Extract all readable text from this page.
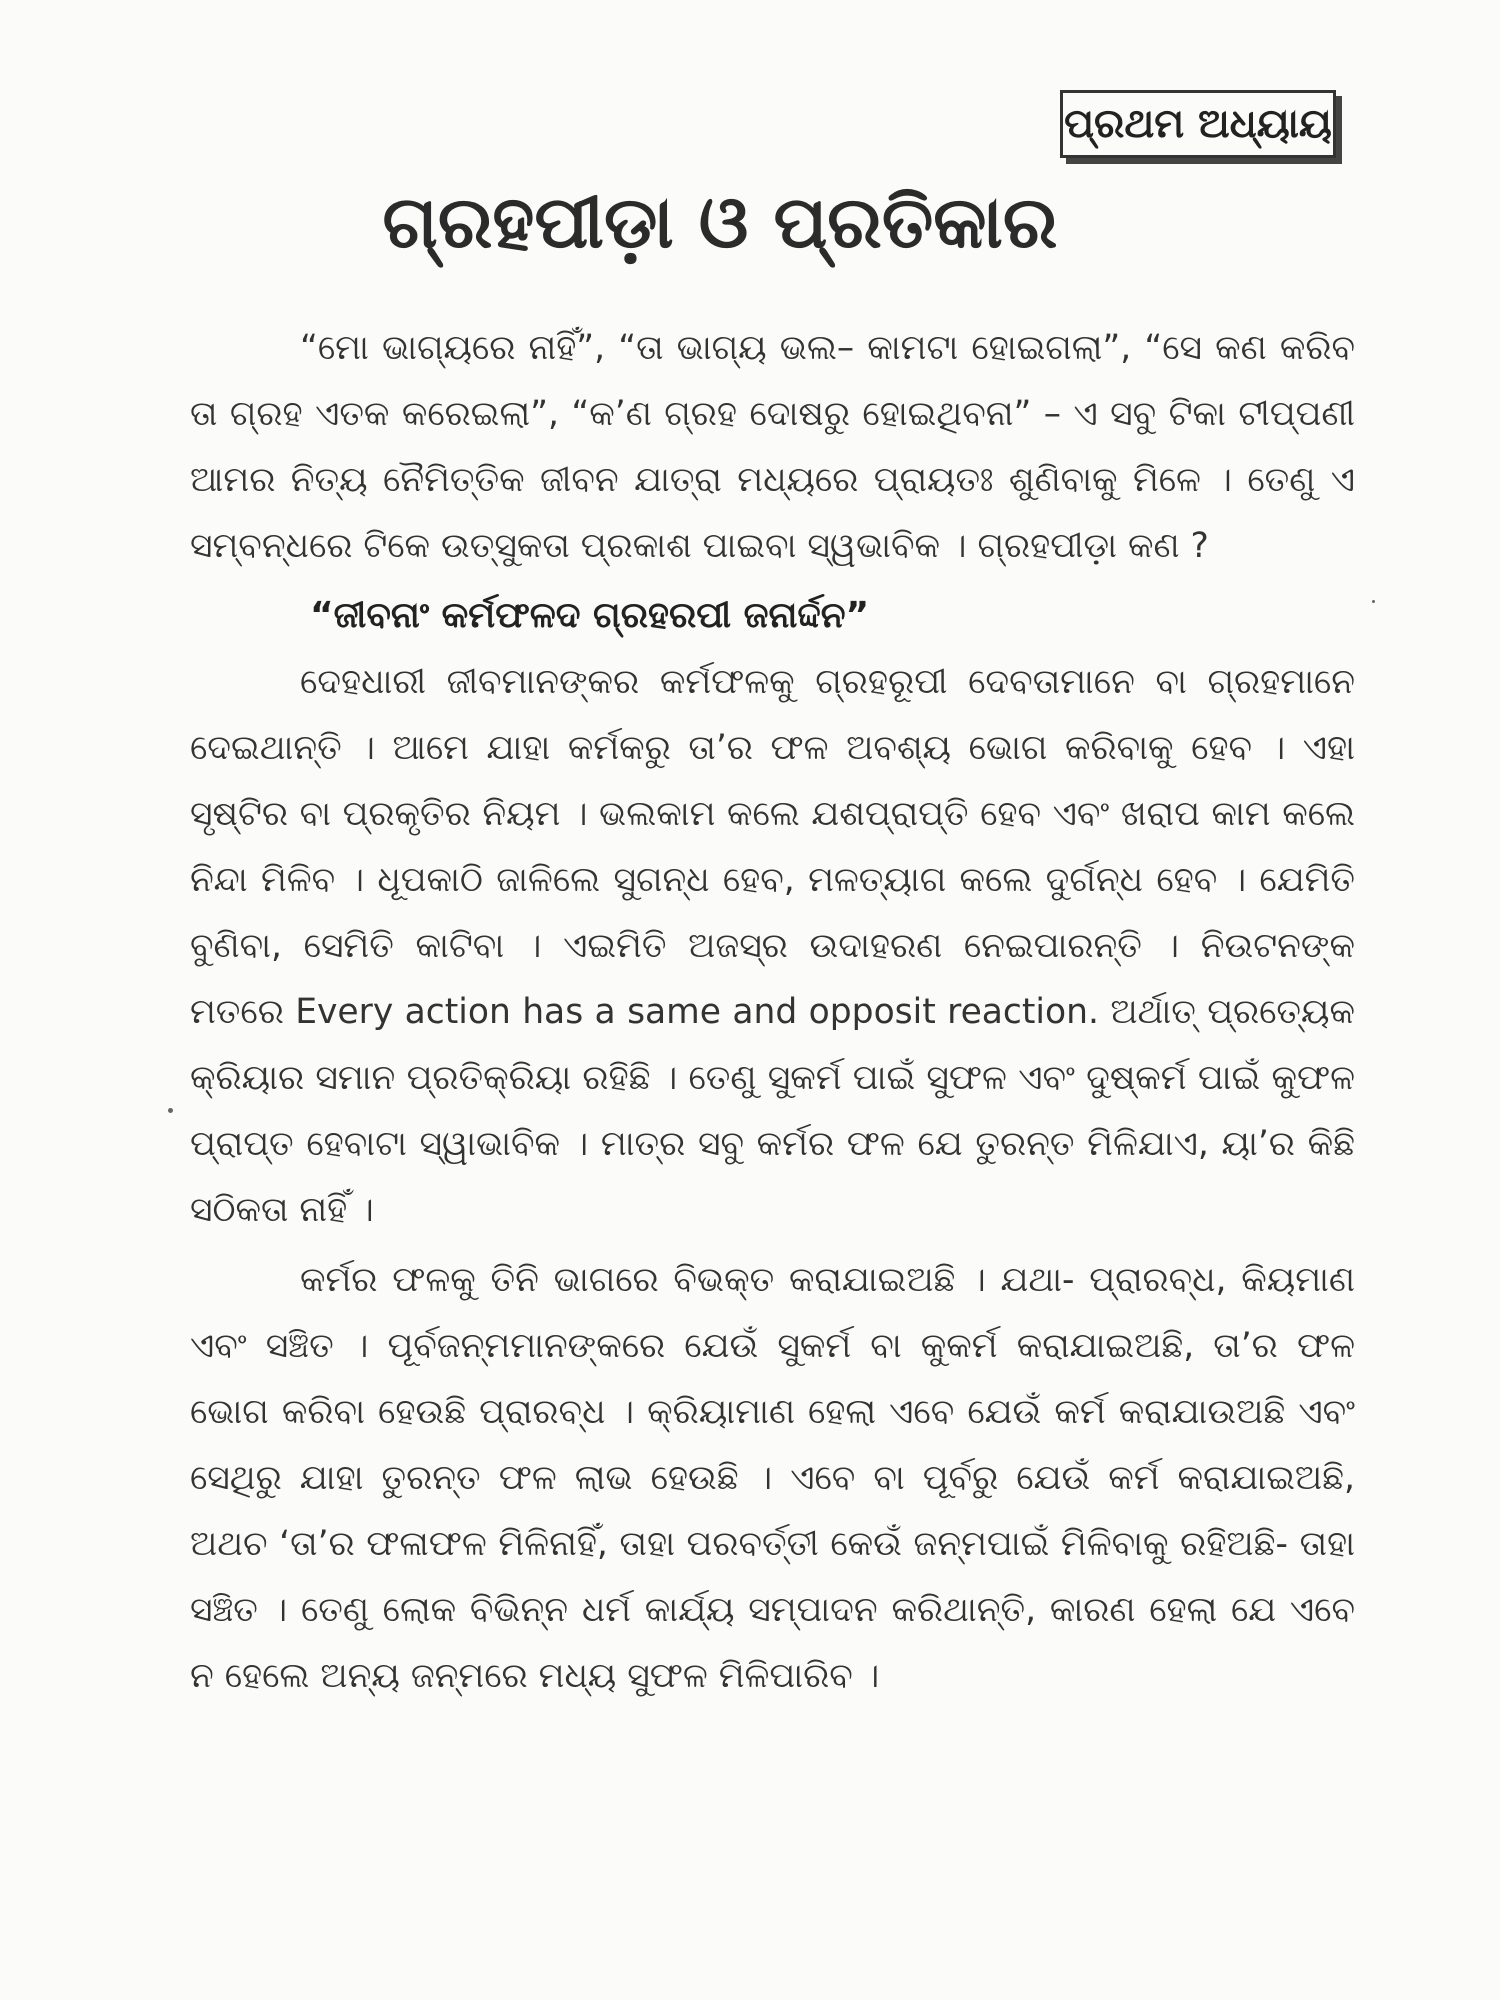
ପ୍ରଥମ ଅଧ୍ୟାୟ
ଗ୍ରହପୀଡ଼ା ଓ ପ୍ରତିକାର

“ମୋ ଭାଗ୍ୟରେ ନାହିଁ”, “ତା ଭାଗ୍ୟ ଭଲ– କାମଟା ହୋଇଗଲା”, “ସେ କଣ କରିବ ତା ଗ୍ରହ ଏତକ କରେଇଲା”, “କ’ଣ ଗ୍ରହ ଦୋଷରୁ ହୋଇଥିବନା” – ଏ ସବୁ ଟିକା ଟୀପ୍ପଣୀ ଆମର ନିତ୍ୟ ନୈମିତ୍ତିକ ଜୀବନ ଯାତ୍ରା ମଧ୍ୟରେ ପ୍ରାୟତଃ ଶୁଣିବାକୁ ମିଳେ । ତେଣୁ ଏ ସମ୍ବନ୍ଧରେ ଟିକେ ଉତ୍ସୁକତା ପ୍ରକାଶ ପାଇବା ସ୍ୱଭାବିକ । ଗ୍ରହପୀଡ଼ା କଣ ?

“ଜୀବନାଂ କର୍ମଫଳଦ ଗ୍ରହରପୀ ଜନାର୍ଦ୍ଦନ”

ଦେହଧାରୀ ଜୀବମାନଙ୍କର କର୍ମଫଳକୁ ଗ୍ରହରୂପୀ ଦେବତାମାନେ ବା ଗ୍ରହମାନେ ଦେଇଥାନ୍ତି । ଆମେ ଯାହା କର୍ମକରୁ ତା’ର ଫଳ ଅବଶ୍ୟ ଭୋଗ କରିବାକୁ ହେବ । ଏହା ସୃଷ୍ଟିର ବା ପ୍ରକୃତିର ନିୟମ । ଭଲକାମ କଲେ ଯଶପ୍ରାପ୍ତି ହେବ ଏବଂ ଖରାପ କାମ କଲେ ନିନ୍ଦା ମିଳିବ । ଧୂପକାଠି ଜାଳିଲେ ସୁଗନ୍ଧ ହେବ, ମଳତ୍ୟାଗ କଲେ ଦୁର୍ଗନ୍ଧ ହେବ । ଯେମିତି ବୁଣିବା, ସେମିତି କାଟିବା । ଏଇମିତି ଅଜସ୍ର ଉଦାହରଣ ନେଇପାରନ୍ତି । ନିଉଟନଙ୍କ ମତରେ Every action has a same and opposit reaction. ଅର୍ଥାତ୍ ପ୍ରତ୍ୟେକ କ୍ରିୟାର ସମାନ ପ୍ରତିକ୍ରିୟା ରହିଛି । ତେଣୁ ସୁକର୍ମ ପାଇଁ ସୁଫଳ ଏବଂ ଦୁଷ୍କର୍ମ ପାଇଁ କୁଫଳ ପ୍ରାପ୍ତ ହେବାଟା ସ୍ୱାଭାବିକ । ମାତ୍ର ସବୁ କର୍ମର ଫଳ ଯେ ତୁରନ୍ତ ମିଳିଯାଏ, ୟା’ର କିଛି ସଠିକତା ନାହିଁ ।

କର୍ମର ଫଳକୁ ତିନି ଭାଗରେ ବିଭକ୍ତ କରାଯାଇଅଛି । ଯଥା- ପ୍ରାରବ୍ଧ, କିୟମାଣ ଏବଂ ସଞ୍ଚିତ । ପୂର୍ବଜନ୍ମମାନଙ୍କରେ ଯେଉଁ ସୁକର୍ମ ବା କୁକର୍ମ କରାଯାଇଅଛି, ତା’ର ଫଳ ଭୋଗ କରିବା ହେଉଛି ପ୍ରାରବ୍ଧ । କ୍ରିୟାମାଣ ହେଲା ଏବେ ଯେଉଁ କର୍ମ କରାଯାଉଅଛି ଏବଂ ସେଥିରୁ ଯାହା ତୁରନ୍ତ ଫଳ ଲାଭ ହେଉଛି । ଏବେ ବା ପୂର୍ବରୁ ଯେଉଁ କର୍ମ କରାଯାଇଅଛି, ଅଥଚ ‘ତା’ର ଫଳାଫଳ ମିଳିନାହିଁ, ତାହା ପରବର୍ତ୍ତୀ କେଉଁ ଜନ୍ମପାଇଁ ମିଳିବାକୁ ରହିଅଛି- ତାହା ସଞ୍ଚିତ । ତେଣୁ ଲୋକ ବିଭିନ୍ନ ଧର୍ମ କାର୍ଯ୍ୟ ସମ୍ପାଦନ କରିଥାନ୍ତି, କାରଣ ହେଲା ଯେ ଏବେ ନ ହେଲେ ଅନ୍ୟ ଜନ୍ମରେ ମଧ୍ୟ ସୁଫଳ ମିଳିପାରିବ ।
